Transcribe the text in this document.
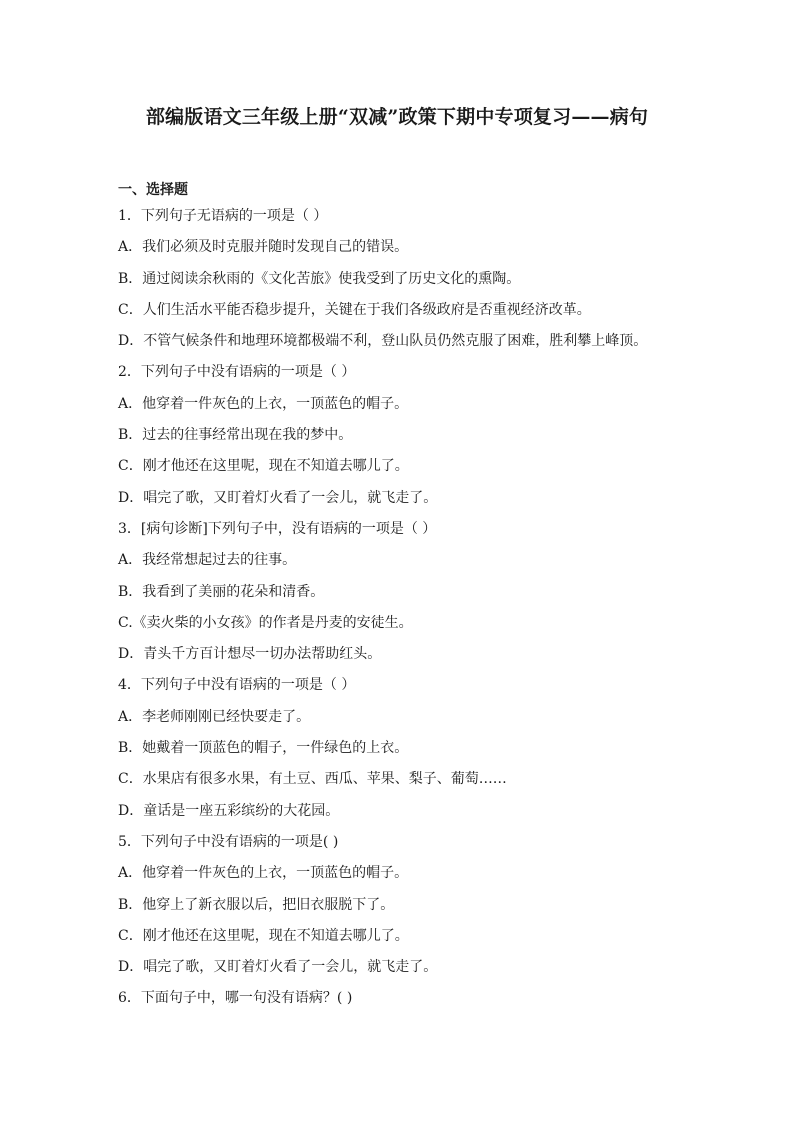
部编版语文三年级上册“双减”政策下期中专项复习——病句
一、选择题
1．下列句子无语病的一项是（ ）
A．我们必须及时克服并随时发现自己的错误。
B．通过阅读余秋雨的《文化苦旅》使我受到了历史文化的熏陶。
C．人们生活水平能否稳步提升，关键在于我们各级政府是否重视经济改革。
D．不管气候条件和地理环境都极端不利，登山队员仍然克服了困难，胜利攀上峰顶。
2．下列句子中没有语病的一项是（ ）
A．他穿着一件灰色的上衣，一顶蓝色的帽子。
B．过去的往事经常出现在我的梦中。
C．刚才他还在这里呢，现在不知道去哪儿了。
D．唱完了歌，又盯着灯火看了一会儿，就飞走了。
3．[病句诊断]下列句子中，没有语病的一项是（ ）
A．我经常想起过去的往事。
B．我看到了美丽的花朵和清香。
C.《卖火柴的小女孩》的作者是丹麦的安徒生。
D．青头千方百计想尽一切办法帮助红头。
4．下列句子中没有语病的一项是（ ）
A．李老师刚刚已经快要走了。
B．她戴着一顶蓝色的帽子，一件绿色的上衣。
C．水果店有很多水果，有土豆、西瓜、苹果、梨子、葡萄……
D．童话是一座五彩缤纷的大花园。
5．下列句子中没有语病的一项是( )
A．他穿着一件灰色的上衣，一顶蓝色的帽子。
B．他穿上了新衣服以后，把旧衣服脱下了。
C．刚才他还在这里呢，现在不知道去哪儿了。
D．唱完了歌，又盯着灯火看了一会儿，就飞走了。
6．下面句子中，哪一句没有语病？( )
